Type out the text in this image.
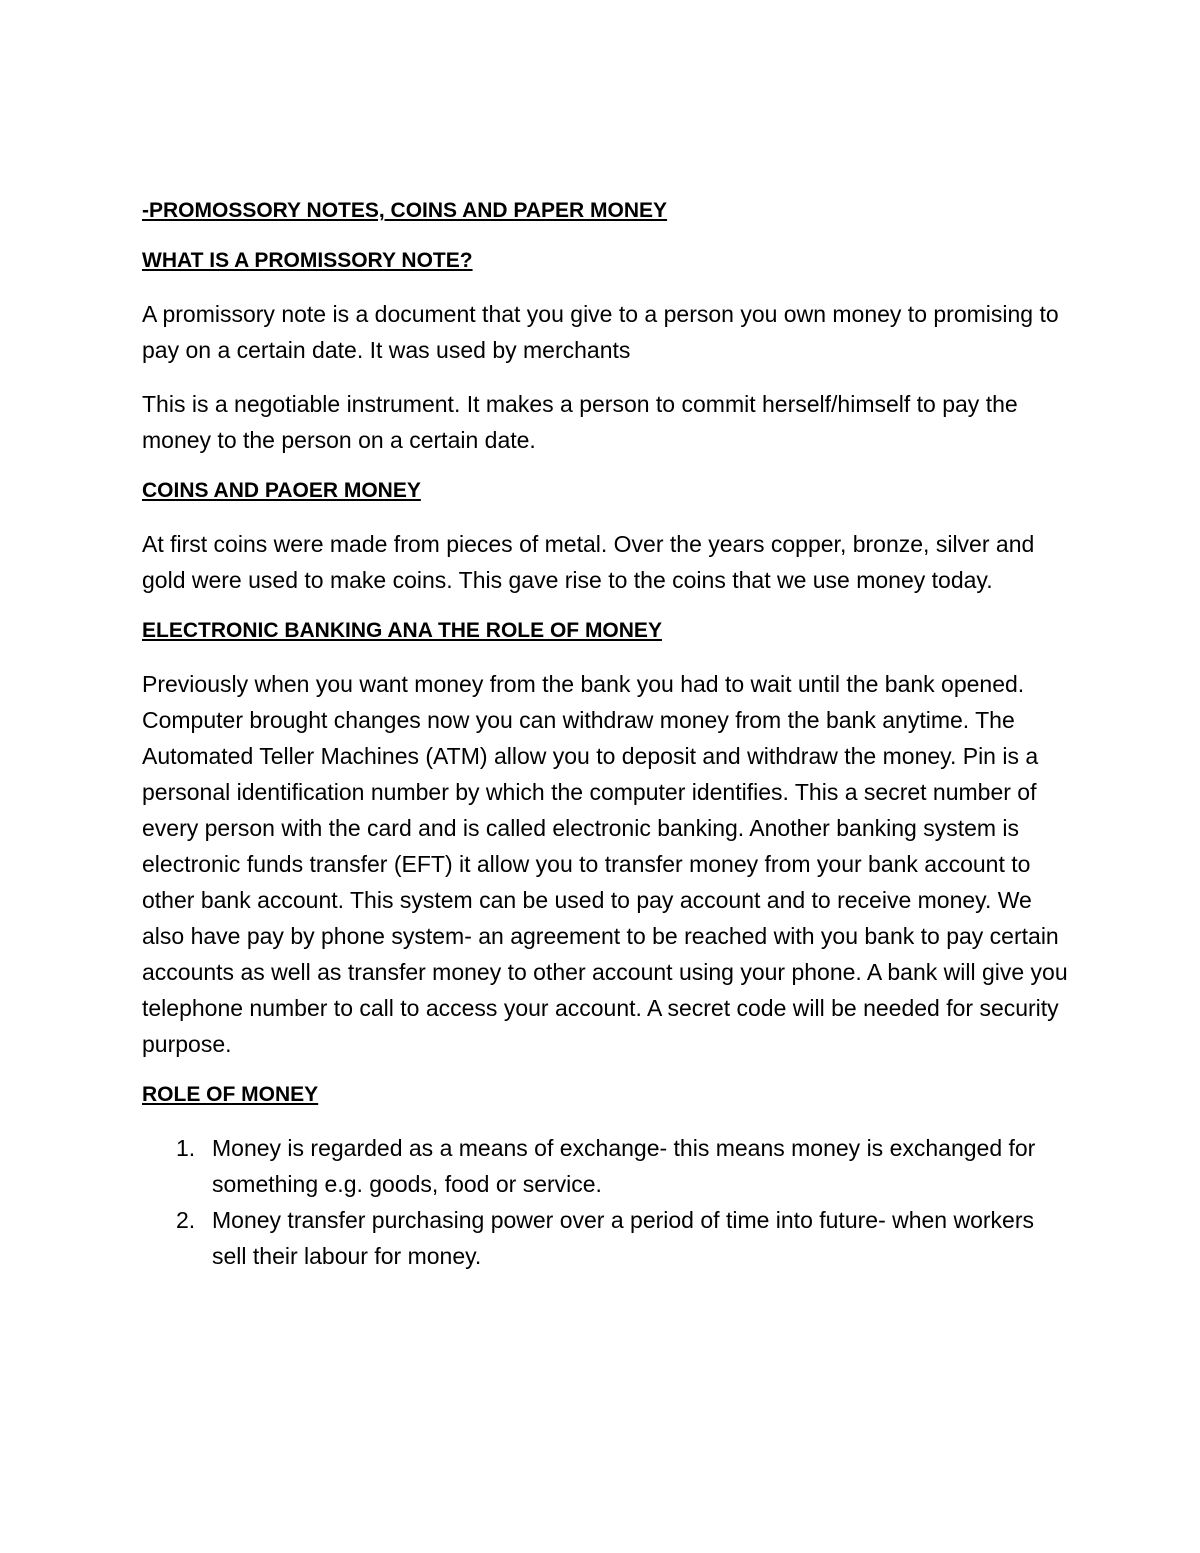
-PROMOSSORY NOTES, COINS AND PAPER MONEY
WHAT IS A PROMISSORY NOTE?

A promissory note is a document that you give to a person you own money to promising to pay on a certain date. It was used by merchants

This is a negotiable instrument. It makes a person to commit herself/himself to pay the money to the person on a certain date.

COINS AND PAOER MONEY

At first coins were made from pieces of metal. Over the years copper, bronze, silver and gold were used to make coins. This gave rise to the coins that we use money today.

ELECTRONIC BANKING ANA THE ROLE OF MONEY

Previously when you want money from the bank you had to wait until the bank opened. Computer brought changes now you can withdraw money from the bank anytime. The Automated Teller Machines (ATM) allow you to deposit and withdraw the money. Pin is a personal identification number by which the computer identifies. This a secret number of every person with the card and is called electronic banking. Another banking system is electronic funds transfer (EFT) it allow you to transfer money from your bank account to other bank account. This system can be used to pay account and to receive money. We also have pay by phone system- an agreement to be reached with you bank to pay certain accounts as well as transfer money to other account using your phone. A bank will give you telephone number to call to access your account. A secret code will be needed for security purpose.

ROLE OF MONEY
1. Money is regarded as a means of exchange- this means money is exchanged for something e.g. goods, food or service.
2. Money transfer purchasing power over a period of time into future- when workers sell their labour for money.
